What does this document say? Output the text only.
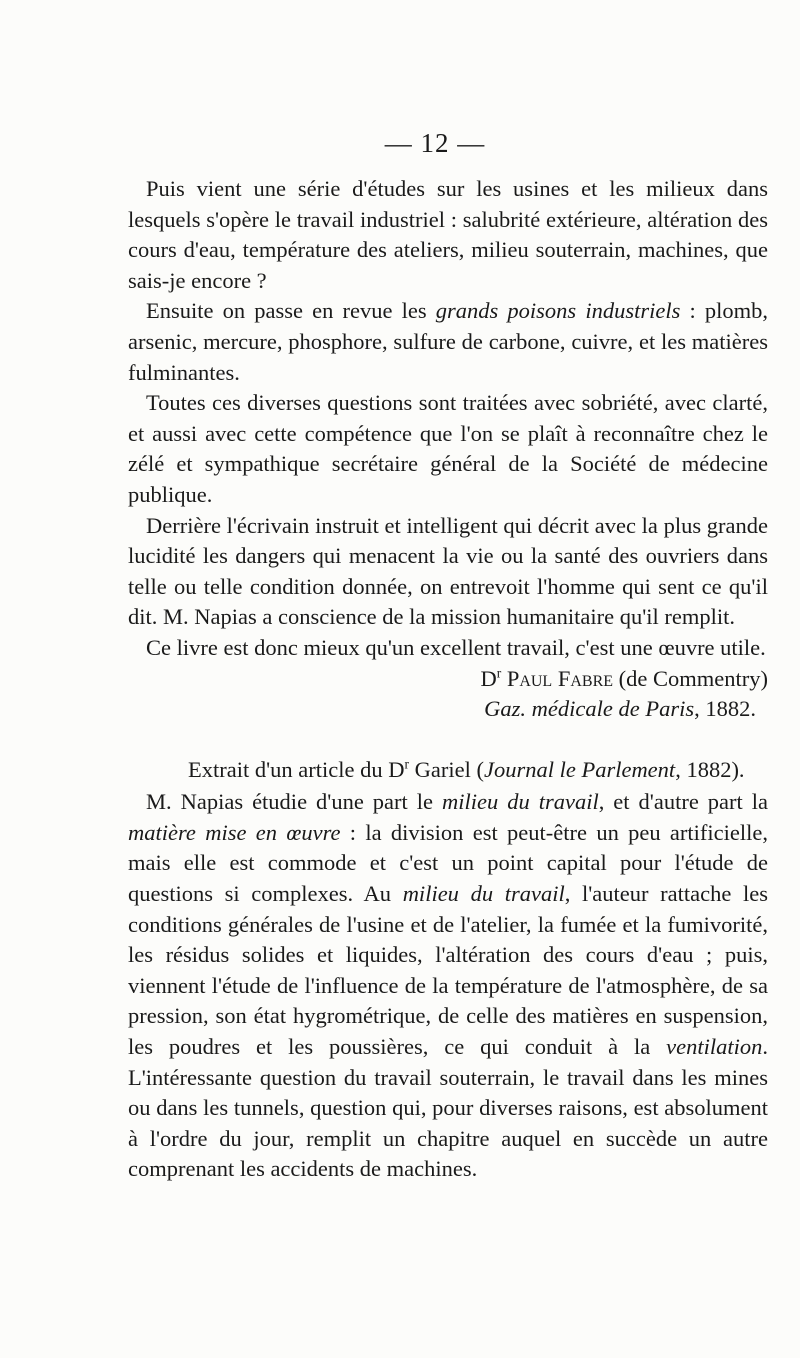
— 12 —

Puis vient une série d'études sur les usines et les milieux dans lesquels s'opère le travail industriel : salubrité extérieure, altération des cours d'eau, température des ateliers, milieu souterrain, machines, que sais-je encore ?

Ensuite on passe en revue les grands poisons industriels : plomb, arsenic, mercure, phosphore, sulfure de carbone, cuivre, et les matières fulminantes.

Toutes ces diverses questions sont traitées avec sobriété, avec clarté, et aussi avec cette compétence que l'on se plaît à reconnaître chez le zélé et sympathique secrétaire général de la Société de médecine publique.

Derrière l'écrivain instruit et intelligent qui décrit avec la plus grande lucidité les dangers qui menacent la vie ou la santé des ouvriers dans telle ou telle condition donnée, on entrevoit l'homme qui sent ce qu'il dit. M. Napias a conscience de la mission humanitaire qu'il remplit.

Ce livre est donc mieux qu'un excellent travail, c'est une œuvre utile.

$D^r$ Paul Fabre (de Commentry)

Gaz. médicale de Paris, 1882.

Extrait d'un article du $D^r$ Gariel (Journal le Parlement, 1882).

M. Napias étudie d'une part le milieu du travail, et d'autre part la matière mise en œuvre : la division est peut-être un peu artificielle, mais elle est commode et c'est un point capital pour l'étude de questions si complexes. Au milieu du travail, l'auteur rattache les conditions générales de l'usine et de l'atelier, la fumée et la fumivorité, les résidus solides et liquides, l'altération des cours d'eau ; puis, viennent l'étude de l'influence de la température de l'atmosphère, de sa pression, son état hygrométrique, de celle des matières en suspension, les poudres et les poussières, ce qui conduit à la ventilation. L'intéressante question du travail souterrain, le travail dans les mines ou dans les tunnels, question qui, pour diverses raisons, est absolument à l'ordre du jour, remplit un chapitre auquel en succède un autre comprenant les accidents de machines.
